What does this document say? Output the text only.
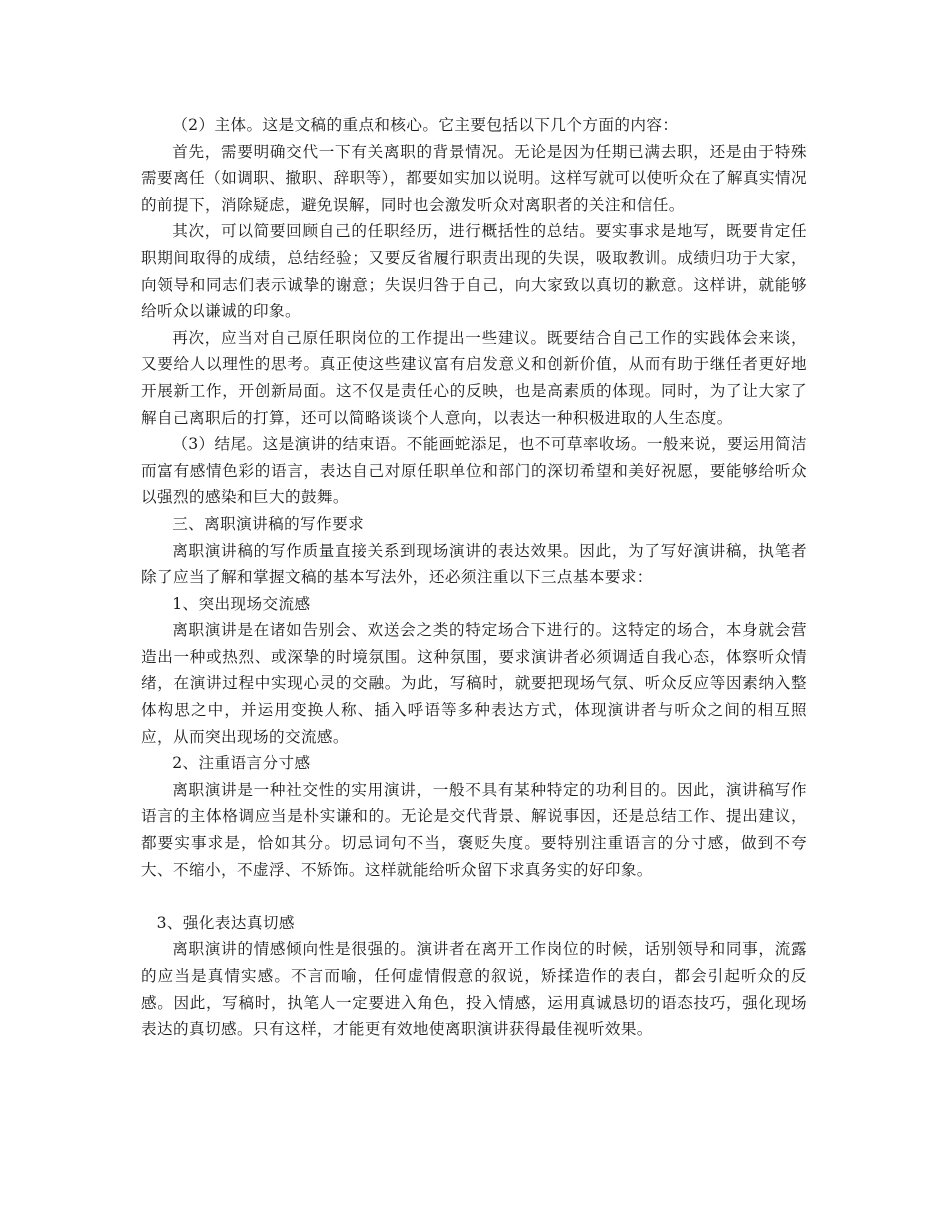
（2）主体。这是文稿的重点和核心。它主要包括以下几个方面的内容：

首先，需要明确交代一下有关离职的背景情况。无论是因为任期已满去职，还是由于特殊需要离任（如调职、撤职、辞职等），都要如实加以说明。这样写就可以使听众在了解真实情况的前提下，消除疑虑，避免误解，同时也会激发听众对离职者的关注和信任。

其次，可以简要回顾自己的任职经历，进行概括性的总结。要实事求是地写，既要肯定任职期间取得的成绩，总结经验；又要反省履行职责出现的失误，吸取教训。成绩归功于大家，向领导和同志们表示诚挚的谢意；失误归咎于自己，向大家致以真切的歉意。这样讲，就能够给听众以谦诚的印象。

再次，应当对自己原任职岗位的工作提出一些建议。既要结合自己工作的实践体会来谈，又要给人以理性的思考。真正使这些建议富有启发意义和创新价值，从而有助于继任者更好地开展新工作，开创新局面。这不仅是责任心的反映，也是高素质的体现。同时，为了让大家了解自己离职后的打算，还可以简略谈谈个人意向，以表达一种积极进取的人生态度。

（3）结尾。这是演讲的结束语。不能画蛇添足，也不可草率收场。一般来说，要运用简洁而富有感情色彩的语言，表达自己对原任职单位和部门的深切希望和美好祝愿，要能够给听众以强烈的感染和巨大的鼓舞。

三、离职演讲稿的写作要求

离职演讲稿的写作质量直接关系到现场演讲的表达效果。因此，为了写好演讲稿，执笔者除了应当了解和掌握文稿的基本写法外，还必须注重以下三点基本要求：

1、突出现场交流感

离职演讲是在诸如告别会、欢送会之类的特定场合下进行的。这特定的场合，本身就会营造出一种或热烈、或深挚的时境氛围。这种氛围，要求演讲者必须调适自我心态，体察听众情绪，在演讲过程中实现心灵的交融。为此，写稿时，就要把现场气氛、听众反应等因素纳入整体构思之中，并运用变换人称、插入呼语等多种表达方式，体现演讲者与听众之间的相互照应，从而突出现场的交流感。

2、注重语言分寸感

离职演讲是一种社交性的实用演讲，一般不具有某种特定的功利目的。因此，演讲稿写作语言的主体格调应当是朴实谦和的。无论是交代背景、解说事因，还是总结工作、提出建议，都要实事求是，恰如其分。切忌词句不当，褒贬失度。要特别注重语言的分寸感，做到不夸大、不缩小，不虚浮、不矫饰。这样就能给听众留下求真务实的好印象。

3、强化表达真切感

离职演讲的情感倾向性是很强的。演讲者在离开工作岗位的时候，话别领导和同事，流露的应当是真情实感。不言而喻，任何虚情假意的叙说，矫揉造作的表白，都会引起听众的反感。因此，写稿时，执笔人一定要进入角色，投入情感，运用真诚恳切的语态技巧，强化现场表达的真切感。只有这样，才能更有效地使离职演讲获得最佳视听效果。
